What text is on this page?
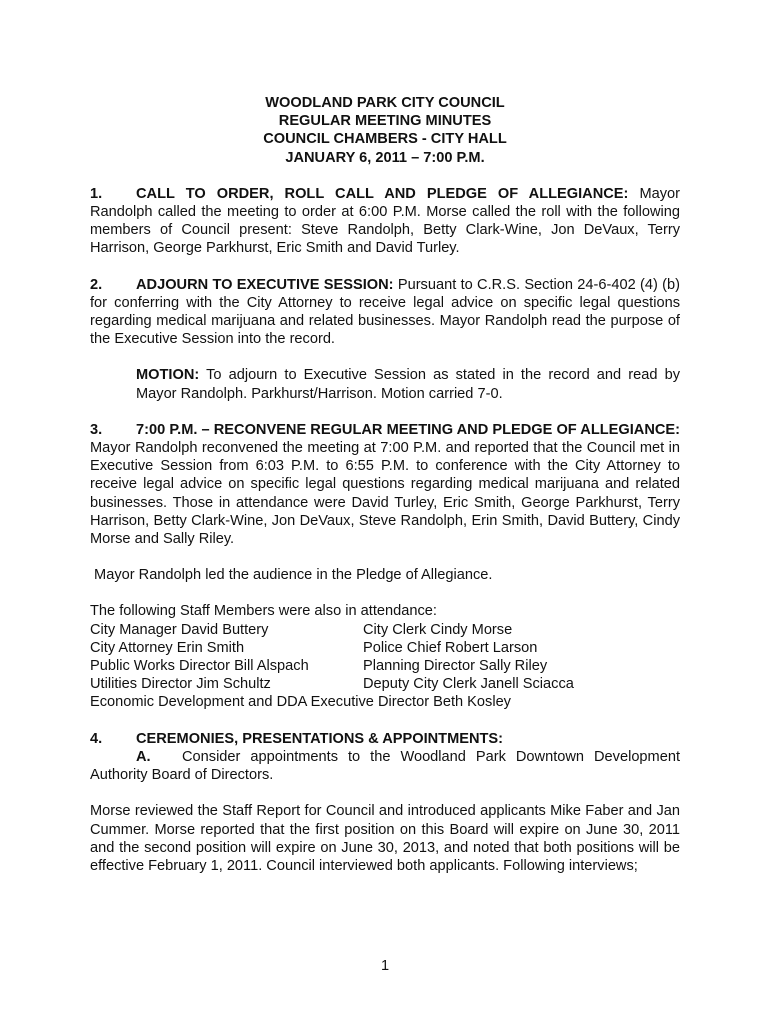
WOODLAND PARK CITY COUNCIL
REGULAR MEETING MINUTES
COUNCIL CHAMBERS - CITY HALL
JANUARY 6, 2011 – 7:00 P.M.

1. CALL TO ORDER, ROLL CALL AND PLEDGE OF ALLEGIANCE: Mayor Randolph called the meeting to order at 6:00 P.M. Morse called the roll with the following members of Council present: Steve Randolph, Betty Clark-Wine, Jon DeVaux, Terry Harrison, George Parkhurst, Eric Smith and David Turley.

2. ADJOURN TO EXECUTIVE SESSION: Pursuant to C.R.S. Section 24-6-402 (4) (b) for conferring with the City Attorney to receive legal advice on specific legal questions regarding medical marijuana and related businesses. Mayor Randolph read the purpose of the Executive Session into the record.

MOTION: To adjourn to Executive Session as stated in the record and read by Mayor Randolph. Parkhurst/Harrison. Motion carried 7-0.

3. 7:00 P.M. – RECONVENE REGULAR MEETING AND PLEDGE OF ALLEGIANCE: Mayor Randolph reconvened the meeting at 7:00 P.M. and reported that the Council met in Executive Session from 6:03 P.M. to 6:55 P.M. to conference with the City Attorney to receive legal advice on specific legal questions regarding medical marijuana and related businesses. Those in attendance were David Turley, Eric Smith, George Parkhurst, Terry Harrison, Betty Clark-Wine, Jon DeVaux, Steve Randolph, Erin Smith, David Buttery, Cindy Morse and Sally Riley.

Mayor Randolph led the audience in the Pledge of Allegiance.

The following Staff Members were also in attendance:

City Manager David Buttery	City Clerk Cindy Morse
City Attorney Erin Smith	Police Chief Robert Larson
Public Works Director Bill Alspach	Planning Director Sally Riley
Utilities Director Jim Schultz	Deputy City Clerk Janell Sciacca

Economic Development and DDA Executive Director Beth Kosley

4. CEREMONIES, PRESENTATIONS & APPOINTMENTS:

A. Consider appointments to the Woodland Park Downtown Development Authority Board of Directors.

Morse reviewed the Staff Report for Council and introduced applicants Mike Faber and Jan Cummer. Morse reported that the first position on this Board will expire on June 30, 2011 and the second position will expire on June 30, 2013, and noted that both positions will be effective February 1, 2011. Council interviewed both applicants. Following interviews;

1
